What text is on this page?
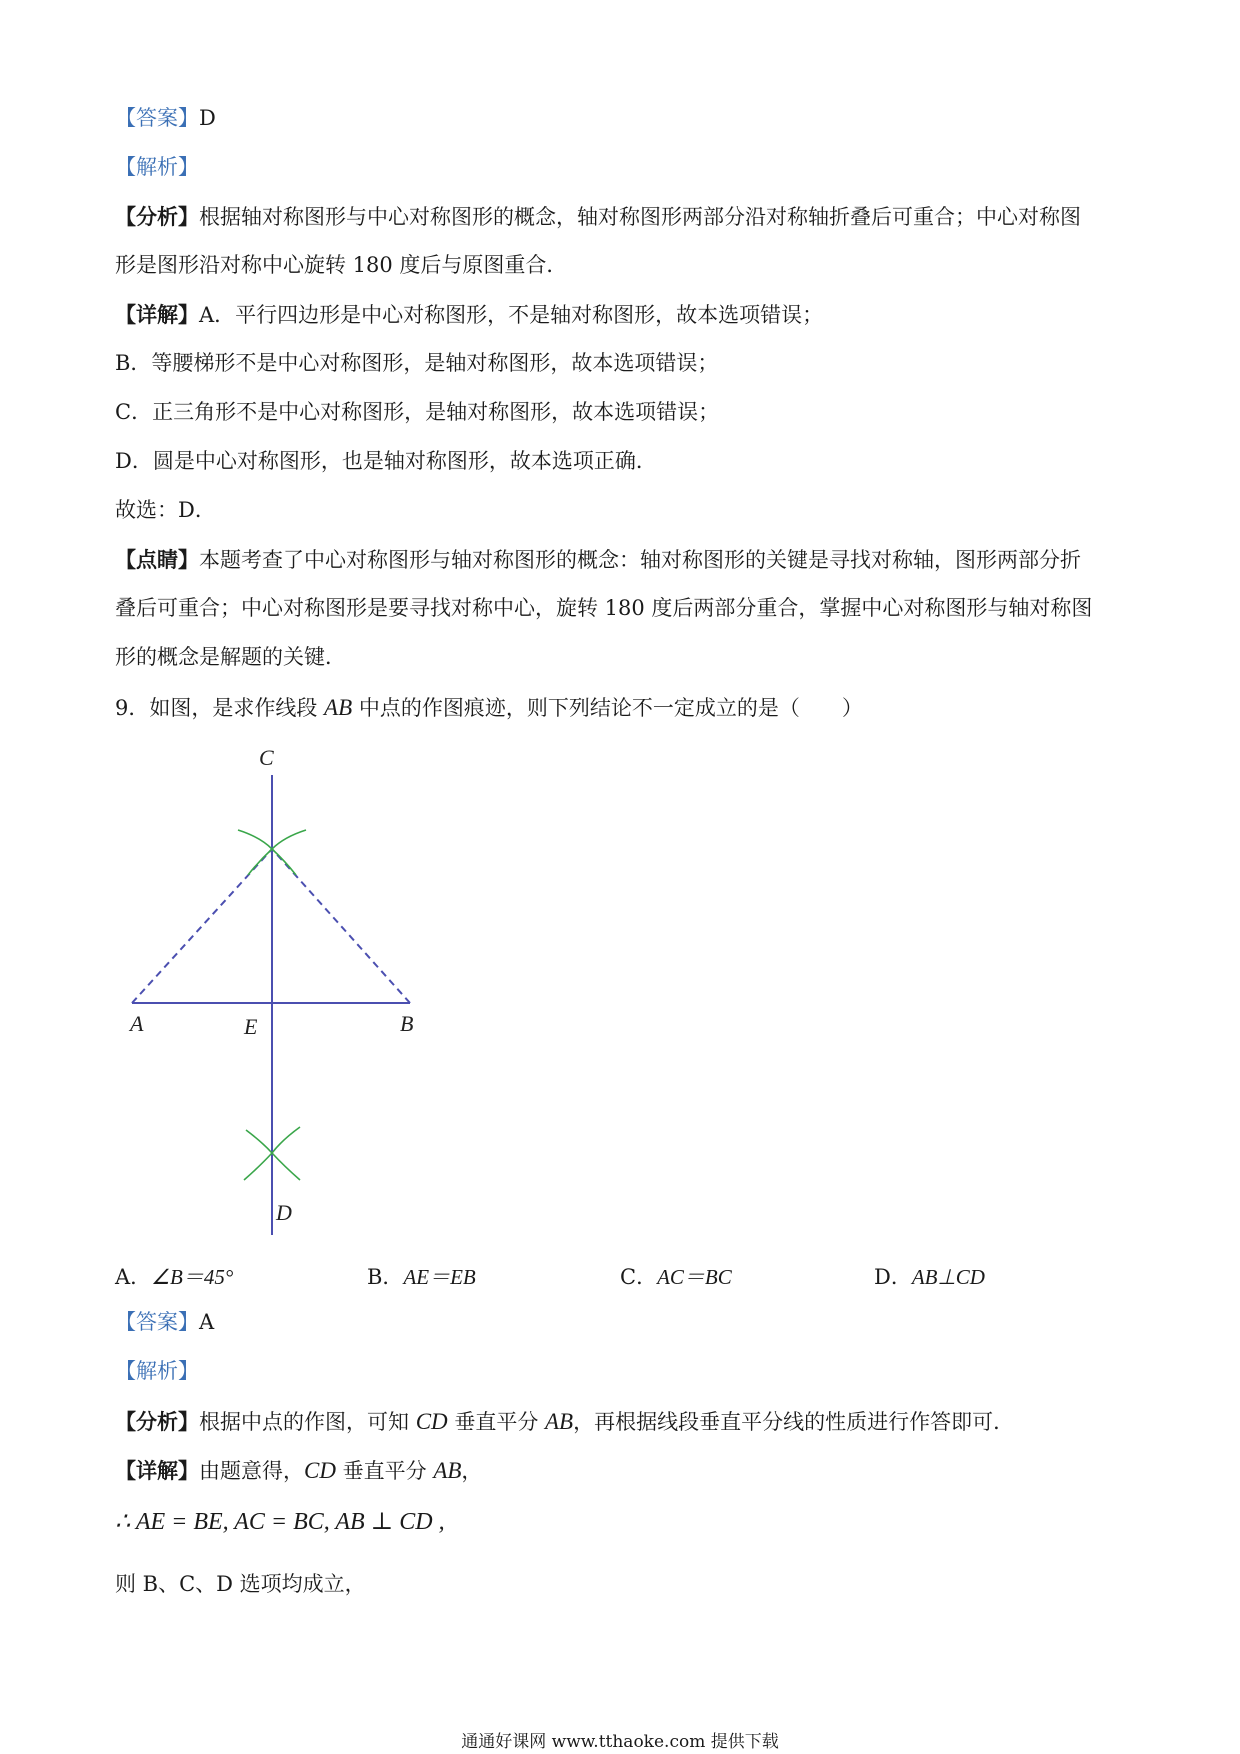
【答案】D
【解析】
【分析】根据轴对称图形与中心对称图形的概念，轴对称图形两部分沿对称轴折叠后可重合；中心对称图
形是图形沿对称中心旋转 180 度后与原图重合．
【详解】A．平行四边形是中心对称图形，不是轴对称图形，故本选项错误；
B．等腰梯形不是中心对称图形，是轴对称图形，故本选项错误；
C．正三角形不是中心对称图形，是轴对称图形，故本选项错误；
D．圆是中心对称图形，也是轴对称图形，故本选项正确．
故选：D．
【点睛】本题考查了中心对称图形与轴对称图形的概念：轴对称图形的关键是寻找对称轴，图形两部分折
叠后可重合；中心对称图形是要寻找对称中心，旋转 180 度后两部分重合，掌握中心对称图形与轴对称图
形的概念是解题的关键．
9．如图，是求作线段 AB 中点的作图痕迹，则下列结论不一定成立的是（　　）
C
A	E	B
D
A．∠B＝45°	B．AE＝EB	C．AC＝BC	D．AB⊥CD
【答案】A
【解析】
【分析】根据中点的作图，可知 CD 垂直平分 AB，再根据线段垂直平分线的性质进行作答即可．
【详解】由题意得，CD 垂直平分 AB，
∴ AE = BE, AC = BC, AB ⊥ CD ,
则 B、C、D 选项均成立，
通通好课网 www.tthaoke.com 提供下载
